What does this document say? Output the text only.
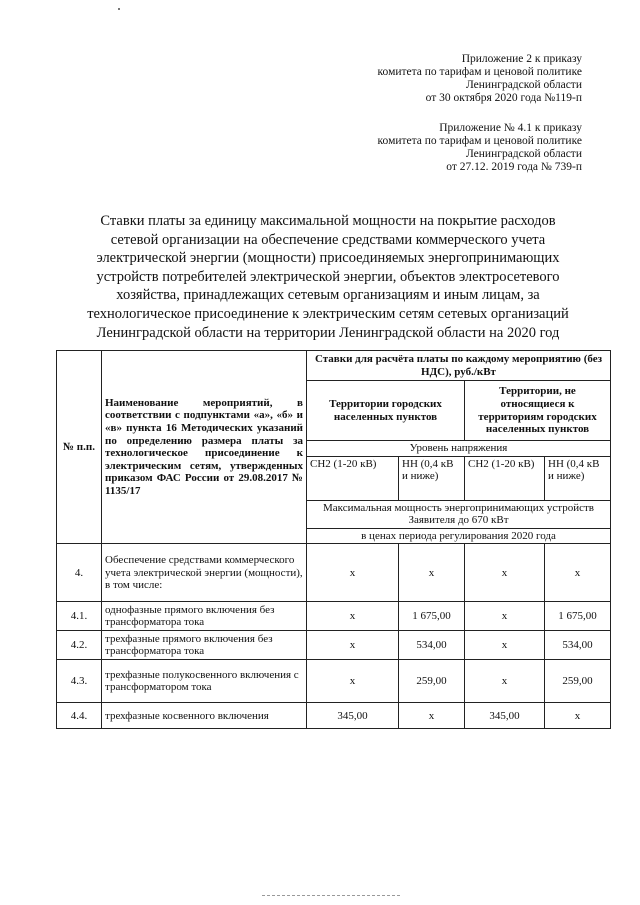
Приложение 2 к приказу
комитета по тарифам и ценовой политике
Ленинградской области
от 30 октября 2020 года №119-п
Приложение № 4.1 к приказу
комитета по тарифам и ценовой политике
Ленинградской области
от 27.12. 2019 года № 739-п
Ставки платы за единицу максимальной мощности на покрытие расходов
сетевой организации на обеспечение средствами коммерческого учета
электрической энергии (мощности) присоединяемых энергопринимающих
устройств потребителей электрической энергии, объектов электросетевого
хозяйства, принадлежащих сетевым организациям и иным лицам, за
технологическое присоединение к электрическим сетям сетевых организаций
Ленинградской области на территории Ленинградской области на 2020 год
№ п.п.	Наименование мероприятий, в соответствии с подпунктами «а», «б» и «в» пункта 16 Методических указаний по определению размера платы за технологическое присоединение к электрическим сетям, утвержденных приказом ФАС России от 29.08.2017 № 1135/17	Ставки для расчёта платы по каждому мероприятию (без НДС), руб./кВт			
		Территории городских населенных пунктов		Территории, не относящиеся к территориям городских населенных пунктов	
		Уровень напряжения			
		СН2 (1-20 кВ)	НН (0,4 кВ и ниже)	СН2 (1-20 кВ)	НН (0,4 кВ и ниже)
		Максимальная мощность энергопринимающих устройств Заявителя до 670 кВт			
		в ценах периода регулирования 2020 года			
4.	Обеспечение средствами коммерческого учета электрической энергии (мощности), в том числе:	х	х	х	х
4.1.	однофазные прямого включения без трансформатора тока	х	1 675,00	х	1 675,00
4.2.	трехфазные прямого включения без трансформатора тока	х	534,00	х	534,00
4.3.	трехфазные полукосвенного включения с трансформатором тока	х	259,00	х	259,00
4.4.	трехфазные косвенного включения	345,00	х	345,00	х
